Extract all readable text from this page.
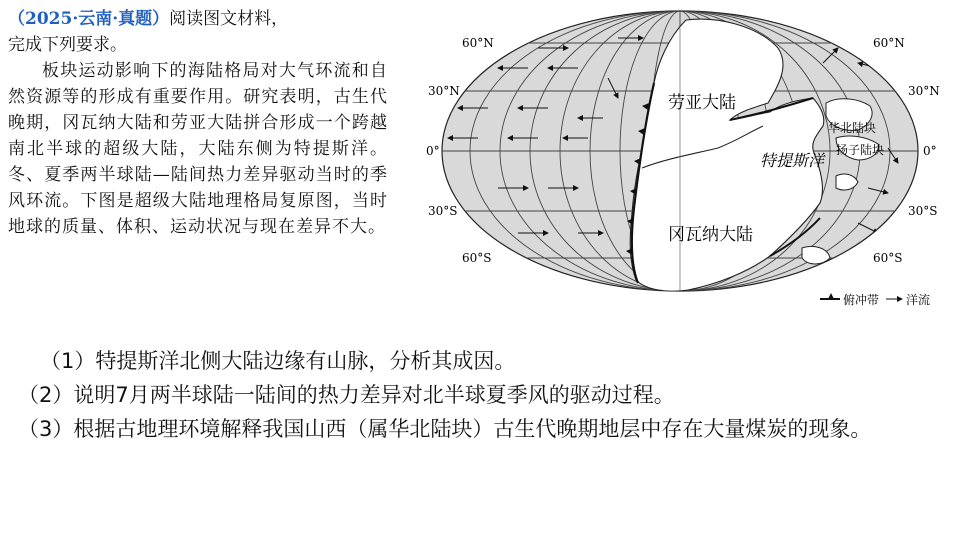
（2025·云南·真题）阅读图文材料，
完成下列要求。

板块运动影响下的海陆格局对大气环流和自然资源等的形成有重要作用。研究表明，古生代晚期，冈瓦纳大陆和劳亚大陆拼合形成一个跨越南北半球的超级大陆，大陆东侧为特提斯洋。冬、夏季两半球陆—陆间热力差异驱动当时的季风环流。下图是超级大陆地理格局复原图，当时地球的质量、体积、运动状况与现在差异不大。

劳亚大陆
冈瓦纳大陆
特提斯洋
华北陆块
扬子陆块
60°N
30°N
0°
30°S
60°S
60°N
30°N
0°
30°S
60°S
俯冲带 洋流

（1）特提斯洋北侧大陆边缘有山脉，分析其成因。

（2）说明7月两半球陆一陆间的热力差异对北半球夏季风的驱动过程。

（3）根据古地理环境解释我国山西（属华北陆块）古生代晚期地层中存在大量煤炭的现象。
